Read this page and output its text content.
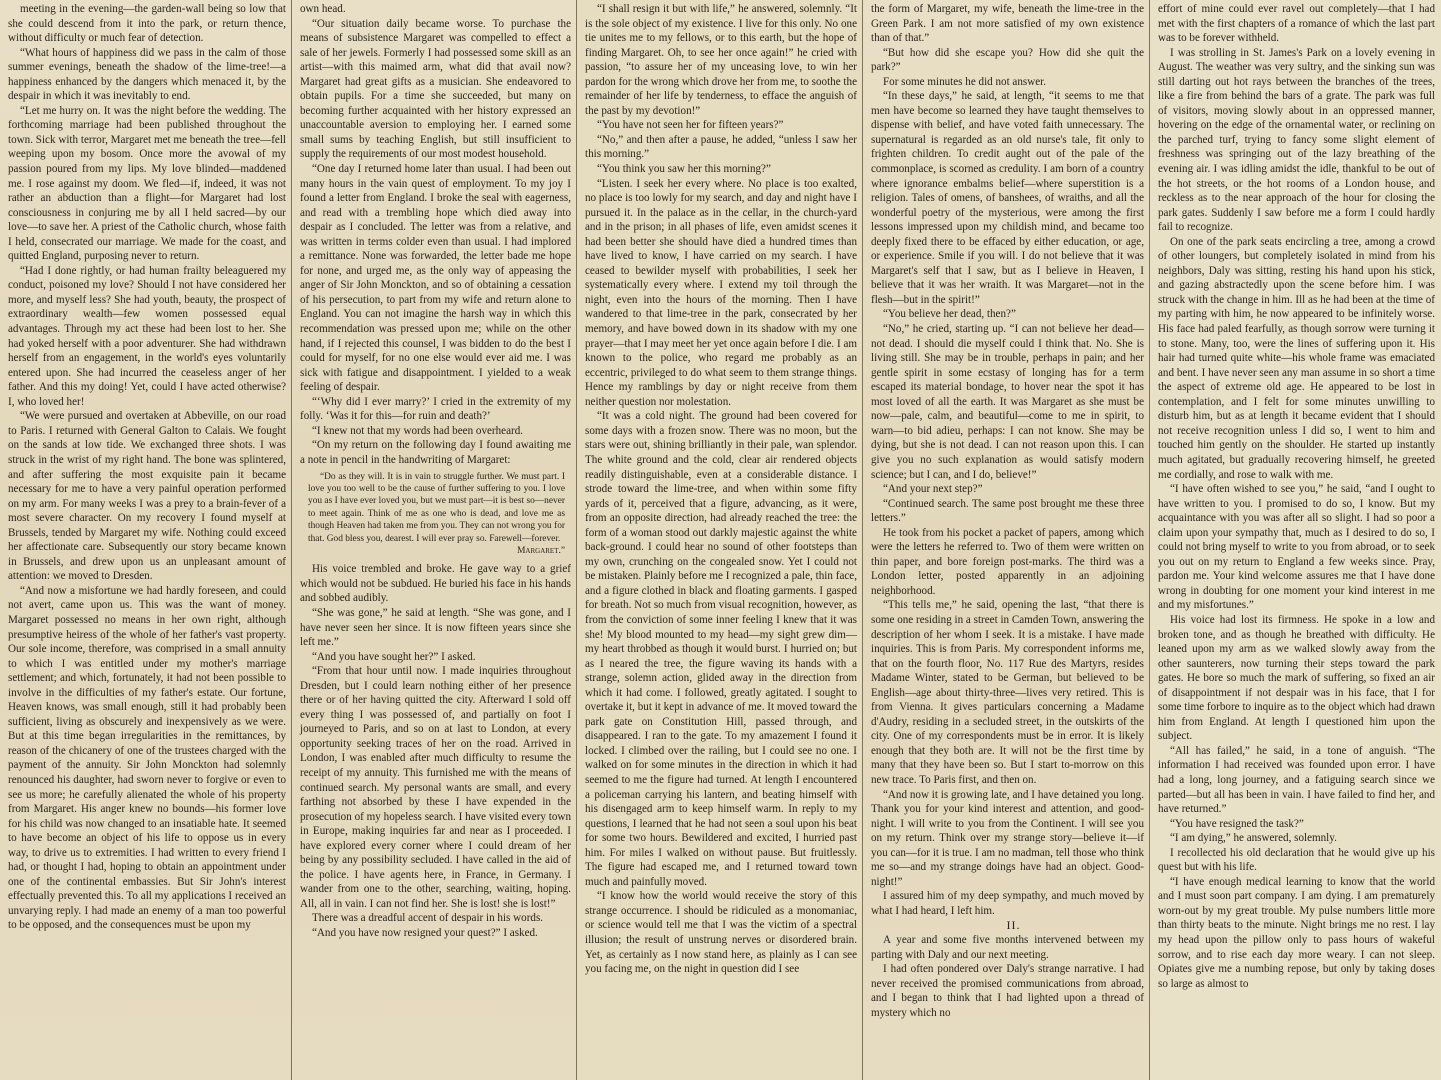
meeting in the evening—the garden-wall being so low that she could descend from it into the park, or return thence, without difficulty or much fear of detection.

“What hours of happiness did we pass in the calm of those summer evenings, beneath the shadow of the lime-tree!—a happiness enhanced by the dangers which menaced it, by the despair in which it was inevitably to end.

“Let me hurry on. It was the night before the wedding. The forthcoming marriage had been published throughout the town. Sick with terror, Margaret met me beneath the tree—fell weeping upon my bosom. Once more the avowal of my passion poured from my lips. My love blinded—maddened me. I rose against my doom. We fled—if, indeed, it was not rather an abduction than a flight—for Margaret had lost consciousness in conjuring me by all I held sacred—by our love—to save her. A priest of the Catholic church, whose faith I held, consecrated our marriage. We made for the coast, and quitted England, purposing never to return.

“Had I done rightly, or had human frailty beleaguered my conduct, poisoned my love? Should I not have considered her more, and myself less? She had youth, beauty, the prospect of extraordinary wealth—few women possessed equal advantages. Through my act these had been lost to her. She had yoked herself with a poor adventurer. She had withdrawn herself from an engagement, in the world's eyes voluntarily entered upon. She had incurred the ceaseless anger of her father. And this my doing! Yet, could I have acted otherwise? I, who loved her!

“We were pursued and overtaken at Abbeville, on our road to Paris. I returned with General Galton to Calais. We fought on the sands at low tide. We exchanged three shots. I was struck in the wrist of my right hand. The bone was splintered, and after suffering the most exquisite pain it became necessary for me to have a very painful operation performed on my arm. For many weeks I was a prey to a brain-fever of a most severe character. On my recovery I found myself at Brussels, tended by Margaret my wife. Nothing could exceed her affectionate care. Subsequently our story became known in Brussels, and drew upon us an unpleasant amount of attention: we moved to Dresden.

“And now a misfortune we had hardly foreseen, and could not avert, came upon us. This was the want of money. Margaret possessed no means in her own right, although presumptive heiress of the whole of her father's vast property. Our sole income, therefore, was comprised in a small annuity to which I was entitled under my mother's marriage settlement; and which, fortunately, it had not been possible to involve in the difficulties of my father's estate. Our fortune, Heaven knows, was small enough, still it had probably been sufficient, living as obscurely and inexpensively as we were. But at this time began irregularities in the remittances, by reason of the chicanery of one of the trustees charged with the payment of the annuity. Sir John Monckton had solemnly renounced his daughter, had sworn never to forgive or even to see us more; he carefully alienated the whole of his property from Margaret. His anger knew no bounds—his former love for his child was now changed to an insatiable hate. It seemed to have become an object of his life to oppose us in every way, to drive us to extremities. I had written to every friend I had, or thought I had, hoping to obtain an appointment under one of the continental embassies. But Sir John's interest effectually prevented this. To all my applications I received an unvarying reply. I had made an enemy of a man too powerful to be opposed, and the consequences must be upon my

own head.

“Our situation daily became worse. To purchase the means of subsistence Margaret was compelled to effect a sale of her jewels. Formerly I had possessed some skill as an artist—with this maimed arm, what did that avail now? Margaret had great gifts as a musician. She endeavored to obtain pupils. For a time she succeeded, but many on becoming further acquainted with her history expressed an unaccountable aversion to employing her. I earned some small sums by teaching English, but still insufficient to supply the requirements of our most modest household.

“One day I returned home later than usual. I had been out many hours in the vain quest of employment. To my joy I found a letter from England. I broke the seal with eagerness, and read with a trembling hope which died away into despair as I concluded. The letter was from a relative, and was written in terms colder even than usual. I had implored a remittance. None was forwarded, the letter bade me hope for none, and urged me, as the only way of appeasing the anger of Sir John Monckton, and so of obtaining a cessation of his persecution, to part from my wife and return alone to England. You can not imagine the harsh way in which this recommendation was pressed upon me; while on the other hand, if I rejected this counsel, I was bidden to do the best I could for myself, for no one else would ever aid me. I was sick with fatigue and disappointment. I yielded to a weak feeling of despair.

“‘Why did I ever marry?’ I cried in the extremity of my folly. ‘Was it for this—for ruin and death?’

“I knew not that my words had been overheard.

“On my return on the following day I found awaiting me a note in pencil in the handwriting of Margaret:

“Do as they will. It is in vain to struggle further. We must part. I love you too well to be the cause of further suffering to you. I love you as I have ever loved you, but we must part—it is best so—never to meet again. Think of me as one who is dead, and love me as though Heaven had taken me from you. They can not wrong you for that. God bless you, dearest. I will ever pray so. Farewell—forever.

Margaret.”

His voice trembled and broke. He gave way to a grief which would not be subdued. He buried his face in his hands and sobbed audibly.

“She was gone,” he said at length. “She was gone, and I have never seen her since. It is now fifteen years since she left me.”

“And you have sought her?” I asked.

“From that hour until now. I made inquiries throughout Dresden, but I could learn nothing either of her presence there or of her having quitted the city. Afterward I sold off every thing I was possessed of, and partially on foot I journeyed to Paris, and so on at last to London, at every opportunity seeking traces of her on the road. Arrived in London, I was enabled after much difficulty to resume the receipt of my annuity. This furnished me with the means of continued search. My personal wants are small, and every farthing not absorbed by these I have expended in the prosecution of my hopeless search. I have visited every town in Europe, making inquiries far and near as I proceeded. I have explored every corner where I could dream of her being by any possibility secluded. I have called in the aid of the police. I have agents here, in France, in Germany. I wander from one to the other, searching, waiting, hoping. All, all in vain. I can not find her. She is lost! she is lost!”

There was a dreadful accent of despair in his words.

“And you have now resigned your quest?” I asked.

“I shall resign it but with life,” he answered, solemnly. “It is the sole object of my existence. I live for this only. No one tie unites me to my fellows, or to this earth, but the hope of finding Margaret. Oh, to see her once again!” he cried with passion, “to assure her of my unceasing love, to win her pardon for the wrong which drove her from me, to soothe the remainder of her life by tenderness, to efface the anguish of the past by my devotion!”

“You have not seen her for fifteen years?”

“No,” and then after a pause, he added, “unless I saw her this morning.”

“You think you saw her this morning?”

“Listen. I seek her every where. No place is too exalted, no place is too lowly for my search, and day and night have I pursued it. In the palace as in the cellar, in the church-yard and in the prison; in all phases of life, even amidst scenes it had been better she should have died a hundred times than have lived to know, I have carried on my search. I have ceased to bewilder myself with probabilities, I seek her systematically every where. I extend my toil through the night, even into the hours of the morning. Then I have wandered to that lime-tree in the park, consecrated by her memory, and have bowed down in its shadow with my one prayer—that I may meet her yet once again before I die. I am known to the police, who regard me probably as an eccentric, privileged to do what seem to them strange things. Hence my ramblings by day or night receive from them neither question nor molestation.

“It was a cold night. The ground had been covered for some days with a frozen snow. There was no moon, but the stars were out, shining brilliantly in their pale, wan splendor. The white ground and the cold, clear air rendered objects readily distinguishable, even at a considerable distance. I strode toward the lime-tree, and when within some fifty yards of it, perceived that a figure, advancing, as it were, from an opposite direction, had already reached the tree: the form of a woman stood out darkly majestic against the white back-ground. I could hear no sound of other footsteps than my own, crunching on the congealed snow. Yet I could not be mistaken. Plainly before me I recognized a pale, thin face, and a figure clothed in black and floating garments. I gasped for breath. Not so much from visual recognition, however, as from the conviction of some inner feeling I knew that it was she! My blood mounted to my head—my sight grew dim—my heart throbbed as though it would burst. I hurried on; but as I neared the tree, the figure waving its hands with a strange, solemn action, glided away in the direction from which it had come. I followed, greatly agitated. I sought to overtake it, but it kept in advance of me. It moved toward the park gate on Constitution Hill, passed through, and disappeared. I ran to the gate. To my amazement I found it locked. I climbed over the railing, but I could see no one. I walked on for some minutes in the direction in which it had seemed to me the figure had turned. At length I encountered a policeman carrying his lantern, and beating himself with his disengaged arm to keep himself warm. In reply to my questions, I learned that he had not seen a soul upon his beat for some two hours. Bewildered and excited, I hurried past him. For miles I walked on without pause. But fruitlessly. The figure had escaped me, and I returned toward town much and painfully moved.

“I know how the world would receive the story of this strange occurrence. I should be ridiculed as a monomaniac, or science would tell me that I was the victim of a spectral illusion; the result of unstrung nerves or disordered brain. Yet, as certainly as I now stand here, as plainly as I can see you facing me, on the night in question did I see

the form of Margaret, my wife, beneath the lime-tree in the Green Park. I am not more satisfied of my own existence than of that.”

“But how did she escape you? How did she quit the park?”

For some minutes he did not answer.

“In these days,” he said, at length, “it seems to me that men have become so learned they have taught themselves to dispense with belief, and have voted faith unnecessary. The supernatural is regarded as an old nurse's tale, fit only to frighten children. To credit aught out of the pale of the commonplace, is scorned as credulity. I am born of a country where ignorance embalms belief—where superstition is a religion. Tales of omens, of banshees, of wraiths, and all the wonderful poetry of the mysterious, were among the first lessons impressed upon my childish mind, and became too deeply fixed there to be effaced by either education, or age, or experience. Smile if you will. I do not believe that it was Margaret's self that I saw, but as I believe in Heaven, I believe that it was her wraith. It was Margaret—not in the flesh—but in the spirit!”

“You believe her dead, then?”

“No,” he cried, starting up. “I can not believe her dead—not dead. I should die myself could I think that. No. She is living still. She may be in trouble, perhaps in pain; and her gentle spirit in some ecstasy of longing has for a term escaped its material bondage, to hover near the spot it has most loved of all the earth. It was Margaret as she must be now—pale, calm, and beautiful—come to me in spirit, to warn—to bid adieu, perhaps: I can not know. She may be dying, but she is not dead. I can not reason upon this. I can give you no such explanation as would satisfy modern science; but I can, and I do, believe!”

“And your next step?”

“Continued search. The same post brought me these three letters.”

He took from his pocket a packet of papers, among which were the letters he referred to. Two of them were written on thin paper, and bore foreign post-marks. The third was a London letter, posted apparently in an adjoining neighborhood.

“This tells me,” he said, opening the last, “that there is some one residing in a street in Camden Town, answering the description of her whom I seek. It is a mistake. I have made inquiries. This is from Paris. My correspondent informs me, that on the fourth floor, No. 117 Rue des Martyrs, resides Madame Winter, stated to be German, but believed to be English—age about thirty-three—lives very retired. This is from Vienna. It gives particulars concerning a Madame d'Audry, residing in a secluded street, in the outskirts of the city. One of my correspondents must be in error. It is likely enough that they both are. It will not be the first time by many that they have been so. But I start to-morrow on this new trace. To Paris first, and then on.

“And now it is growing late, and I have detained you long. Thank you for your kind interest and attention, and good-night. I will write to you from the Continent. I will see you on my return. Think over my strange story—believe it—if you can—for it is true. I am no madman, tell those who think me so—and my strange doings have had an object. Good-night!”

I assured him of my deep sympathy, and much moved by what I had heard, I left him.

II.

A year and some five months intervened between my parting with Daly and our next meeting.

I had often pondered over Daly's strange narrative. I had never received the promised communications from abroad, and I began to think that I had lighted upon a thread of mystery which no

effort of mine could ever ravel out completely—that I had met with the first chapters of a romance of which the last part was to be forever withheld.

I was strolling in St. James's Park on a lovely evening in August. The weather was very sultry, and the sinking sun was still darting out hot rays between the branches of the trees, like a fire from behind the bars of a grate. The park was full of visitors, moving slowly about in an oppressed manner, hovering on the edge of the ornamental water, or reclining on the parched turf, trying to fancy some slight element of freshness was springing out of the lazy breathing of the evening air. I was idling amidst the idle, thankful to be out of the hot streets, or the hot rooms of a London house, and reckless as to the near approach of the hour for closing the park gates. Suddenly I saw before me a form I could hardly fail to recognize.

On one of the park seats encircling a tree, among a crowd of other loungers, but completely isolated in mind from his neighbors, Daly was sitting, resting his hand upon his stick, and gazing abstractedly upon the scene before him. I was struck with the change in him. Ill as he had been at the time of my parting with him, he now appeared to be infinitely worse. His face had paled fearfully, as though sorrow were turning it to stone. Many, too, were the lines of suffering upon it. His hair had turned quite white—his whole frame was emaciated and bent. I have never seen any man assume in so short a time the aspect of extreme old age. He appeared to be lost in contemplation, and I felt for some minutes unwilling to disturb him, but as at length it became evident that I should not receive recognition unless I did so, I went to him and touched him gently on the shoulder. He started up instantly much agitated, but gradually recovering himself, he greeted me cordially, and rose to walk with me.

“I have often wished to see you,” he said, “and I ought to have written to you. I promised to do so, I know. But my acquaintance with you was after all so slight. I had so poor a claim upon your sympathy that, much as I desired to do so, I could not bring myself to write to you from abroad, or to seek you out on my return to England a few weeks since. Pray, pardon me. Your kind welcome assures me that I have done wrong in doubting for one moment your kind interest in me and my misfortunes.”

His voice had lost its firmness. He spoke in a low and broken tone, and as though he breathed with difficulty. He leaned upon my arm as we walked slowly away from the other saunterers, now turning their steps toward the park gates. He bore so much the mark of suffering, so fixed an air of disappointment if not despair was in his face, that I for some time forbore to inquire as to the object which had drawn him from England. At length I questioned him upon the subject.

“All has failed,” he said, in a tone of anguish. “The information I had received was founded upon error. I have had a long, long journey, and a fatiguing search since we parted—but all has been in vain. I have failed to find her, and have returned.”

“You have resigned the task?”

“I am dying,” he answered, solemnly.

I recollected his old declaration that he would give up his quest but with his life.

“I have enough medical learning to know that the world and I must soon part company. I am dying. I am prematurely worn-out by my great trouble. My pulse numbers little more than thirty beats to the minute. Night brings me no rest. I lay my head upon the pillow only to pass hours of wakeful sorrow, and to rise each day more weary. I can not sleep. Opiates give me a numbing repose, but only by taking doses so large as almost to
